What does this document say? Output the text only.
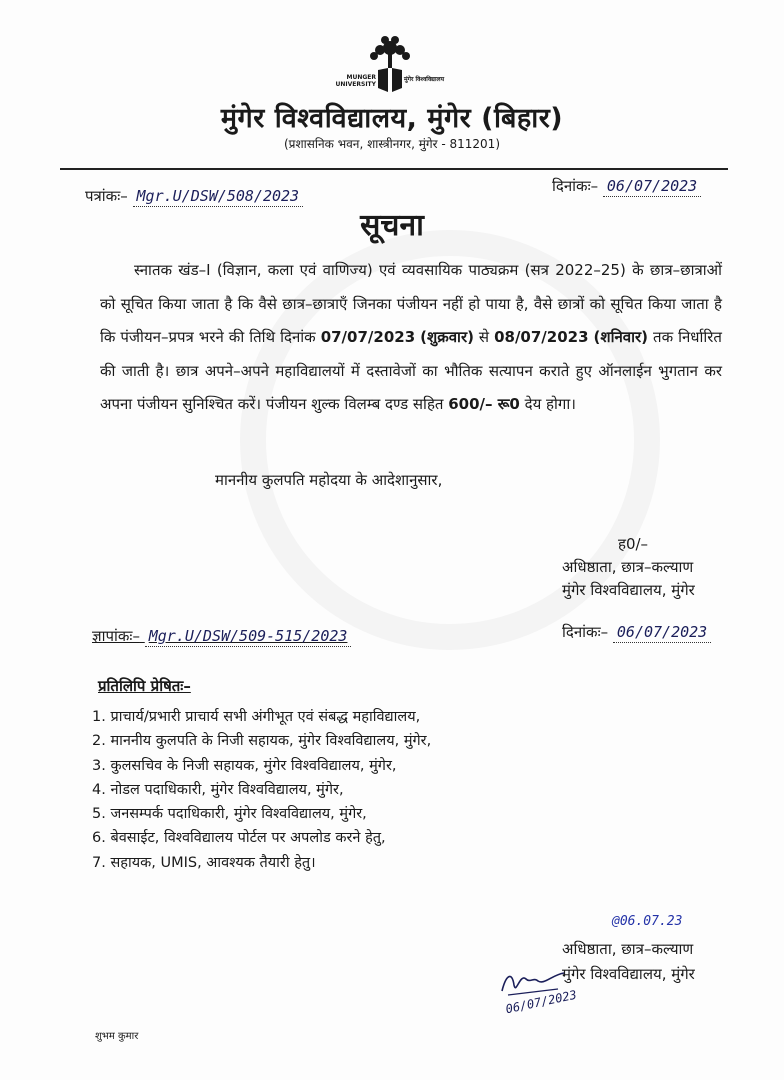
MUNGER UNIVERSITY
मुंगेर विश्वविद्यालय
मुंगेर विश्वविद्यालय, मुंगेर (बिहार)
(प्रशासनिक भवन, शास्त्रीनगर, मुंगेर - 811201)
पत्रांकः– Mgr.U/DSW/508/2023
दिनांकः– 06/07/2023
सूचना
स्नातक खंड–I (विज्ञान, कला एवं वाणिज्य) एवं व्यवसायिक पाठ्यक्रम (सत्र 2022–25) के छात्र–छात्राओं को सूचित किया जाता है कि वैसे छात्र–छात्राएँ जिनका पंजीयन नहीं हो पाया है, वैसे छात्रों को सूचित किया जाता है कि पंजीयन–प्रपत्र भरने की तिथि दिनांक 07/07/2023 (शुक्रवार) से 08/07/2023 (शनिवार) तक निर्धारित की जाती है। छात्र अपने–अपने महाविद्यालयों में दस्तावेजों का भौतिक सत्यापन कराते हुए ऑनलाईन भुगतान कर अपना पंजीयन सुनिश्चित करें। पंजीयन शुल्क विलम्ब दण्ड सहित 600/– रू0 देय होगा।
माननीय कुलपति महोदया के आदेशानुसार,
ह0/–
अधिष्ठाता, छात्र–कल्याण
मुंगेर विश्वविद्यालय, मुंगेर
ज्ञापांकः– Mgr.U/DSW/509-515/2023	दिनांकः– 06/07/2023
प्रतिलिपि प्रेषितः–
1. प्राचार्य/प्रभारी प्राचार्य सभी अंगीभूत एवं संबद्ध महाविद्यालय,
2. माननीय कुलपति के निजी सहायक, मुंगेर विश्वविद्यालय, मुंगेर,
3. कुलसचिव के निजी सहायक, मुंगेर विश्वविद्यालय, मुंगेर,
4. नोडल पदाधिकारी, मुंगेर विश्वविद्यालय, मुंगेर,
5. जनसम्पर्क पदाधिकारी, मुंगेर विश्वविद्यालय, मुंगेर,
6. बेवसाईट, विश्वविद्यालय पोर्टल पर अपलोड करने हेतु,
7. सहायक, UMIS, आवश्यक तैयारी हेतु।
@06.07.23
अधिष्ठाता, छात्र–कल्याण
मुंगेर विश्वविद्यालय, मुंगेर
06/07/2023
शुभम कुमार
